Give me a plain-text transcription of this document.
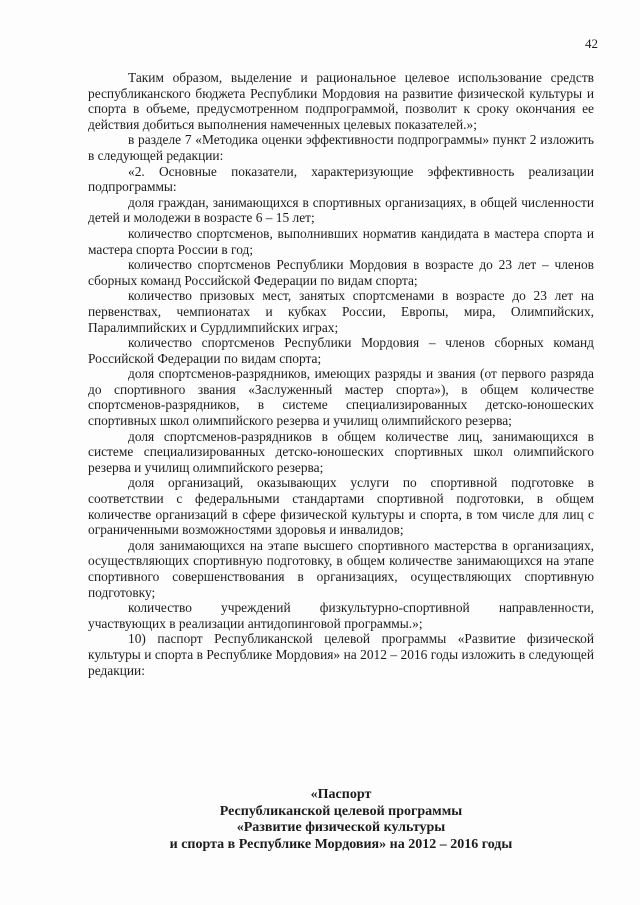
42

Таким образом, выделение и рациональное целевое использование средств республиканского бюджета Республики Мордовия на развитие физической культуры и спорта в объеме, предусмотренном подпрограммой, позволит к сроку окончания ее действия добиться выполнения намеченных целевых показателей.»;

в разделе 7 «Методика оценки эффективности подпрограммы» пункт 2 изложить в следующей редакции:

«2. Основные показатели, характеризующие эффективность реализации подпрограммы:

доля граждан, занимающихся в спортивных организациях, в общей численности детей и молодежи в возрасте 6 – 15 лет;

количество спортсменов, выполнивших норматив кандидата в мастера спорта и мастера спорта России в год;

количество спортсменов Республики Мордовия в возрасте до 23 лет – членов сборных команд Российской Федерации по видам спорта;

количество призовых мест, занятых спортсменами в возрасте до 23 лет на первенствах, чемпионатах и кубках России, Европы, мира, Олимпийских, Паралимпийских и Сурдлимпийских играх;

количество спортсменов Республики Мордовия – членов сборных команд Российской Федерации по видам спорта;

доля спортсменов-разрядников, имеющих разряды и звания (от первого разряда до спортивного звания «Заслуженный мастер спорта»), в общем количестве спортсменов-разрядников, в системе специализированных детско-юношеских спортивных школ олимпийского резерва и училищ олимпийского резерва;

доля спортсменов-разрядников в общем количестве лиц, занимающихся в системе специализированных детско-юношеских спортивных школ олимпийского резерва и училищ олимпийского резерва;

доля организаций, оказывающих услуги по спортивной подготовке в соответствии с федеральными стандартами спортивной подготовки, в общем количестве организаций в сфере физической культуры и спорта, в том числе для лиц с ограниченными возможностями здоровья и инвалидов;

доля занимающихся на этапе высшего спортивного мастерства в организациях, осуществляющих спортивную подготовку, в общем количестве занимающихся на этапе спортивного совершенствования в организациях, осуществляющих спортивную подготовку;

количество учреждений физкультурно-спортивной направленности, участвующих в реализации антидопинговой программы.»;

10) паспорт Республиканской целевой программы «Развитие физической культуры и спорта в Республике Мордовия» на 2012 – 2016 годы изложить в следующей редакции:

«Паспорт
Республиканской целевой программы
«Развитие физической культуры
и спорта в Республике Мордовия» на 2012 – 2016 годы
